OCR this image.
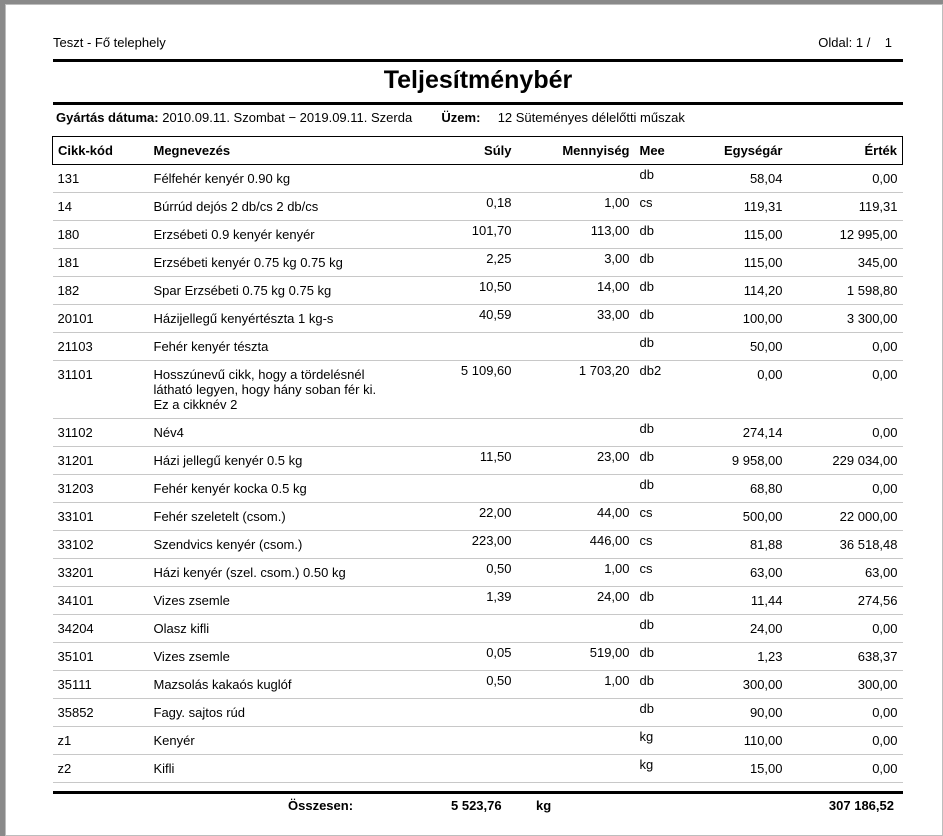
Teszt - Fő telephely	Oldal: 1 /    1
Teljesítménybér
Gyártás dátuma: 2010.09.11. Szombat − 2019.09.11. Szerda Üzem: 12 Süteményes délelőtti műszak
Cikk-kód	Megnevezés	Súly	Mennyiség	Mee	Egységár	Érték
131	Félfehér kenyér 0.90 kg			db	58,04	0,00
14	Búrrúd dejós 2 db/cs 2 db/cs	0,18	1,00	cs	119,31	119,31
180	Erzsébeti 0.9 kenyér kenyér	101,70	113,00	db	115,00	12 995,00
181	Erzsébeti kenyér 0.75 kg 0.75 kg	2,25	3,00	db	115,00	345,00
182	Spar Erzsébeti 0.75 kg 0.75 kg	10,50	14,00	db	114,20	1 598,80
20101	Házijellegű kenyértészta 1 kg-s	40,59	33,00	db	100,00	3 300,00
21103	Fehér kenyér tészta			db	50,00	0,00
31101	Hosszúnevű cikk, hogy a tördelésnél látható legyen, hogy hány soban fér ki. Ez a cikknév 2	5 109,60	1 703,20	db2	0,00	0,00
31102	Név4			db	274,14	0,00
31201	Házi jellegű kenyér 0.5 kg	11,50	23,00	db	9 958,00	229 034,00
31203	Fehér kenyér kocka 0.5 kg			db	68,80	0,00
33101	Fehér szeletelt (csom.)	22,00	44,00	cs	500,00	22 000,00
33102	Szendvics kenyér (csom.)	223,00	446,00	cs	81,88	36 518,48
33201	Házi kenyér (szel. csom.) 0.50 kg	0,50	1,00	cs	63,00	63,00
34101	Vizes zsemle	1,39	24,00	db	11,44	274,56
34204	Olasz kifli			db	24,00	0,00
35101	Vizes zsemle	0,05	519,00	db	1,23	638,37
35111	Mazsolás kakaós kuglóf	0,50	1,00	db	300,00	300,00
35852	Fagy. sajtos rúd			db	90,00	0,00
z1	Kenyér			kg	110,00	0,00
z2	Kifli			kg	15,00	0,00
Összesen:	5 523,76	kg	307 186,52
